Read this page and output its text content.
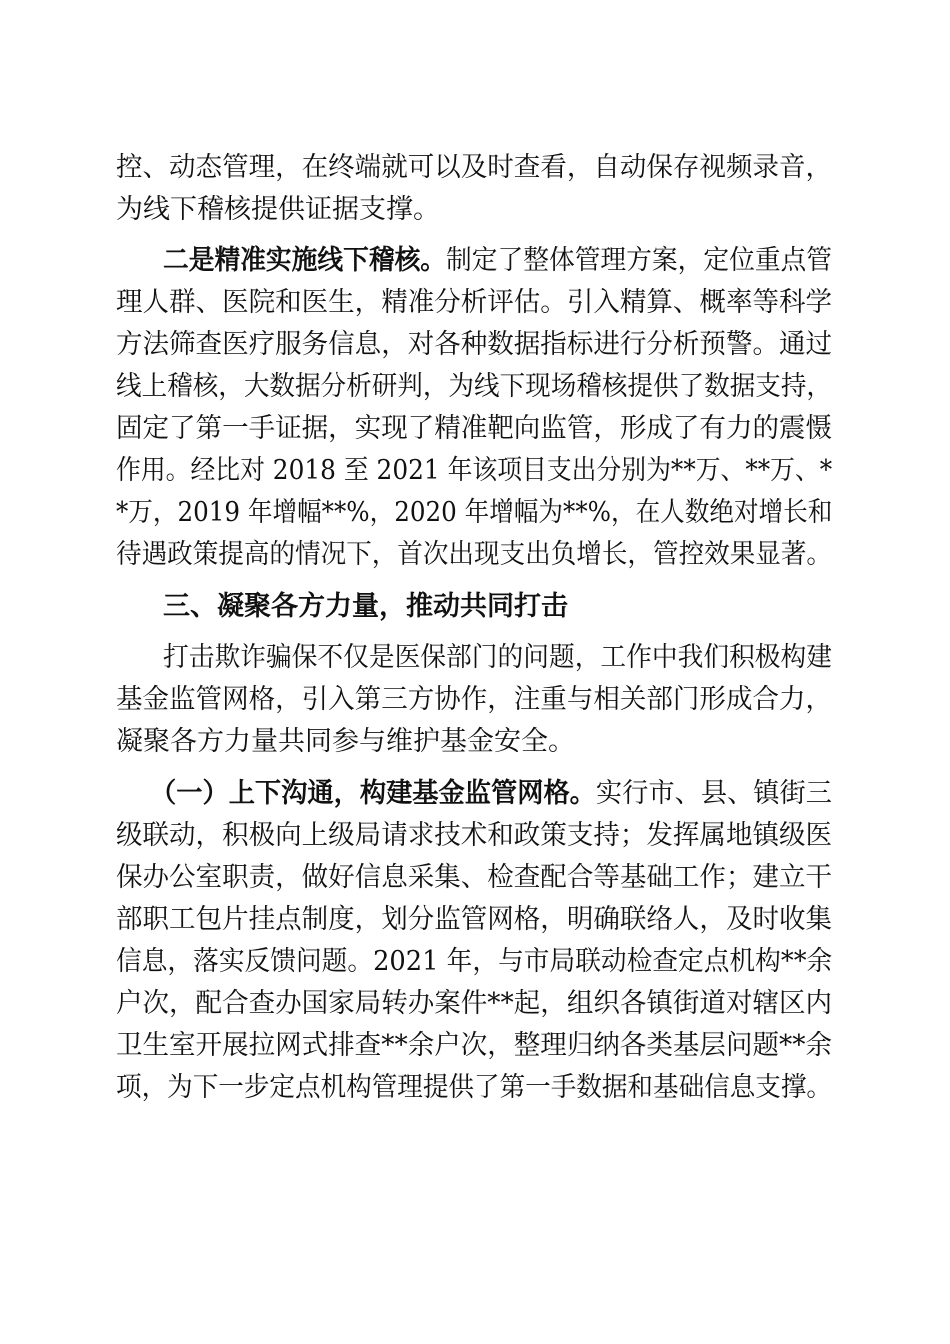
控、动态管理，在终端就可以及时查看，自动保存视频录音，
为线下稽核提供证据支撑。
二是精准实施线下稽核。制定了整体管理方案，定位重点管
理人群、医院和医生，精准分析评估。引入精算、概率等科学
方法筛查医疗服务信息，对各种数据指标进行分析预警。通过
线上稽核，大数据分析研判，为线下现场稽核提供了数据支持，
固定了第一手证据，实现了精准靶向监管，形成了有力的震慑
作用。经比对 2018 至 2021 年该项目支出分别为**万、**万、*
*万，2019 年增幅**%，2020 年增幅为**%，在人数绝对增长和
待遇政策提高的情况下，首次出现支出负增长，管控效果显著。
三、凝聚各方力量，推动共同打击
打击欺诈骗保不仅是医保部门的问题，工作中我们积极构建
基金监管网格，引入第三方协作，注重与相关部门形成合力，
凝聚各方力量共同参与维护基金安全。
（一）上下沟通，构建基金监管网格。实行市、县、镇街三
级联动，积极向上级局请求技术和政策支持；发挥属地镇级医
保办公室职责，做好信息采集、检查配合等基础工作；建立干
部职工包片挂点制度，划分监管网格，明确联络人，及时收集
信息，落实反馈问题。2021 年，与市局联动检查定点机构**余
户次，配合查办国家局转办案件**起，组织各镇街道对辖区内
卫生室开展拉网式排查**余户次，整理归纳各类基层问题**余
项，为下一步定点机构管理提供了第一手数据和基础信息支撑。
